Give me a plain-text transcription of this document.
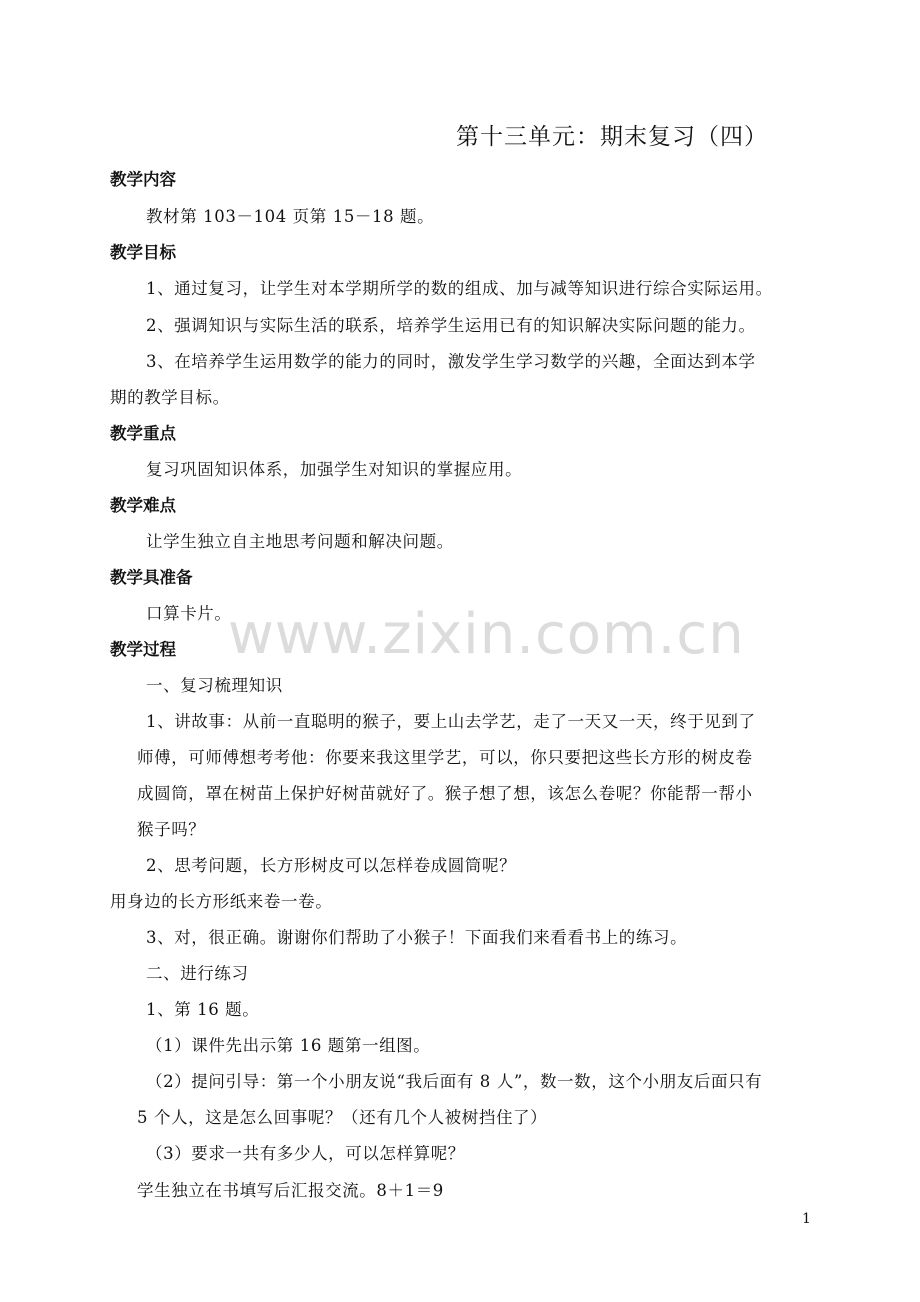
第十三单元：期末复习（四）
教学内容
教材第 103－104 页第 15－18 题。
教学目标
1、通过复习，让学生对本学期所学的数的组成、加与减等知识进行综合实际运用。
2、强调知识与实际生活的联系，培养学生运用已有的知识解决实际问题的能力。
3、在培养学生运用数学的能力的同时，激发学生学习数学的兴趣，全面达到本学
期的教学目标。
教学重点
复习巩固知识体系，加强学生对知识的掌握应用。
教学难点
让学生独立自主地思考问题和解决问题。
教学具准备
口算卡片。
教学过程
一、复习梳理知识
1、讲故事：从前一直聪明的猴子，要上山去学艺，走了一天又一天，终于见到了
师傅，可师傅想考考他：你要来我这里学艺，可以，你只要把这些长方形的树皮卷
成圆筒，罩在树苗上保护好树苗就好了。猴子想了想，该怎么卷呢？你能帮一帮小
猴子吗？
2、思考问题，长方形树皮可以怎样卷成圆筒呢？
用身边的长方形纸来卷一卷。
3、对，很正确。谢谢你们帮助了小猴子！下面我们来看看书上的练习。
二、进行练习
1、第 16 题。
（1）课件先出示第 16 题第一组图。
（2）提问引导：第一个小朋友说“我后面有 8 人”，数一数，这个小朋友后面只有
5 个人，这是怎么回事呢？（还有几个人被树挡住了）
（3）要求一共有多少人，可以怎样算呢？
学生独立在书填写后汇报交流。8＋1＝9
www.zixin.com.cn
1
